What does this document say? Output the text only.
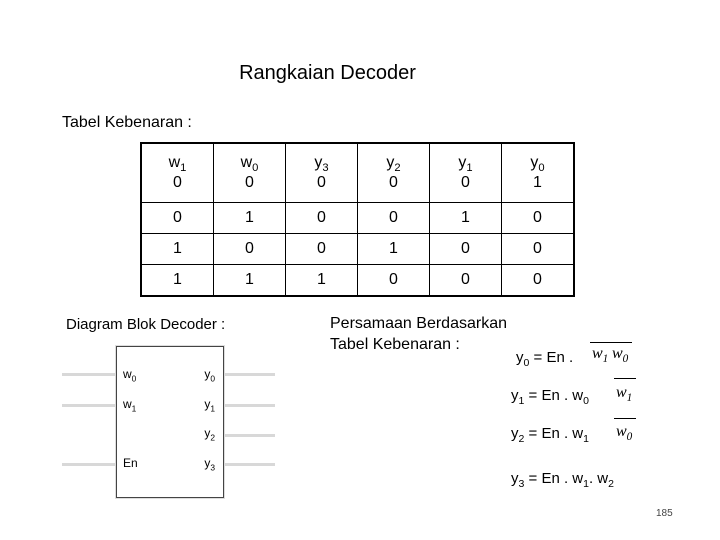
Rangkaian Decoder
Tabel Kebenaran :
$w_1$	$w_0$	$y_3$	$y_2$	$y_1$	$y_0$
0	0	0	0	0	1
0	1	0	0	1	0
1	0	0	1	0	0
1	1	1	0	0	0
Diagram Blok Decoder :
$w_0$
$w_1$
En
$y_0$
$y_1$
$y_2$
$y_3$
Persamaan Berdasarkan
Tabel Kebenaran :
$y_0 = En$ . $w_1$ $w_0$
$y_1 = En$ . $w_0$ $w_1$
$y_2 = En$ . $w_1$ $w_0$
$y_3 = En$ . $w_1$. $w_2$
185
